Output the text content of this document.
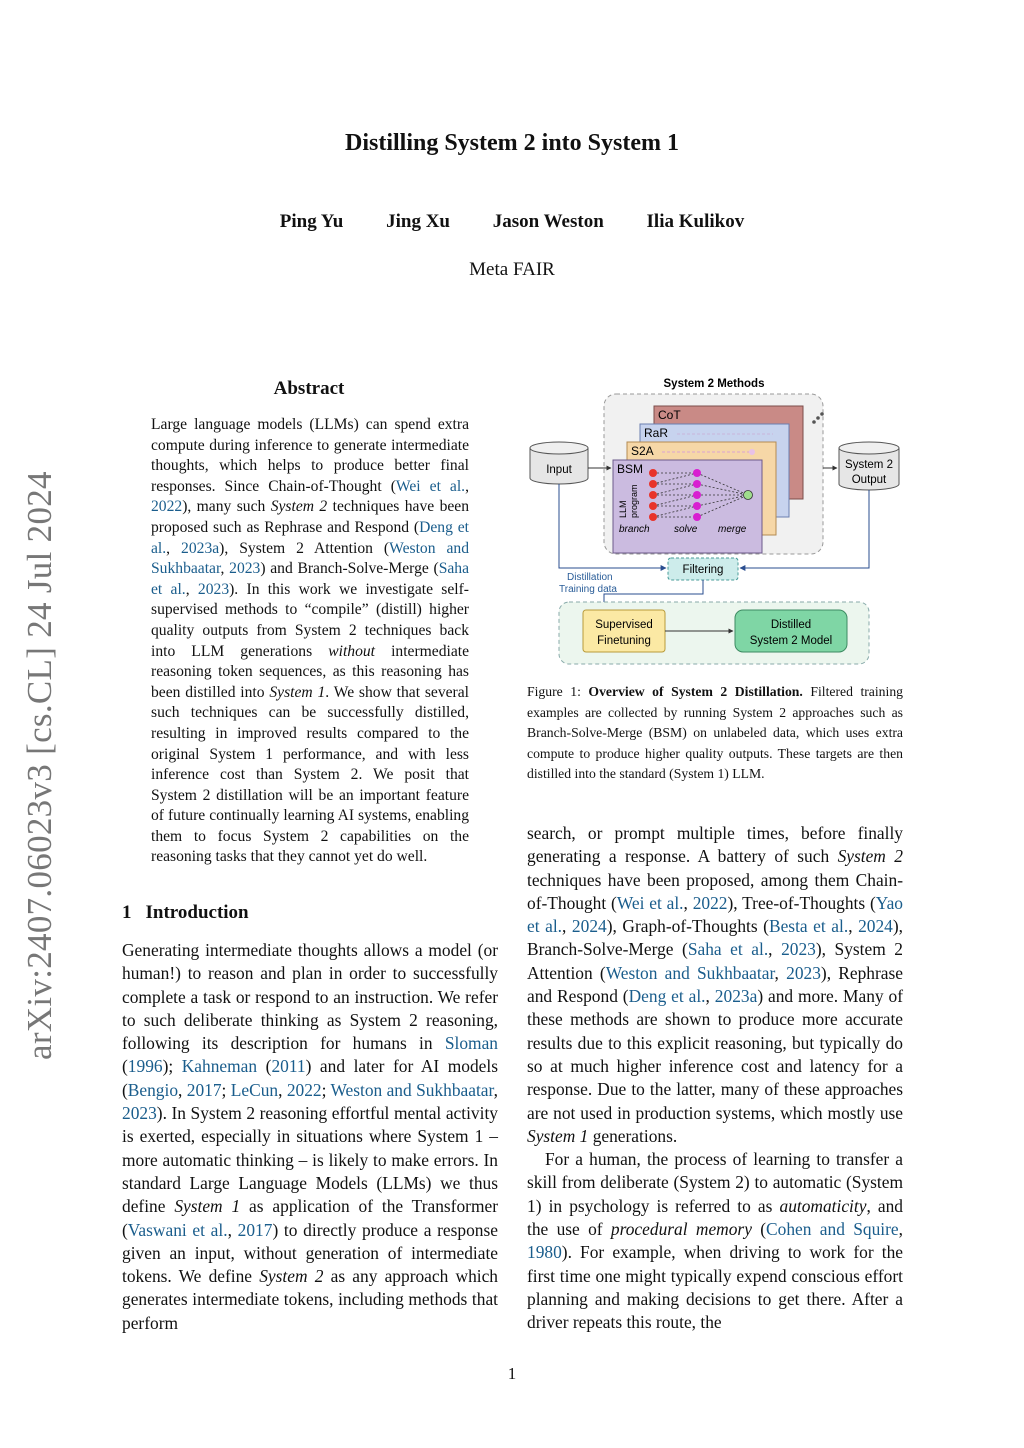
Distilling System 2 into System 1
Ping Yu Jing Xu Jason Weston Ilia Kulikov
Meta FAIR
arXiv:2407.06023v3 [cs.CL] 24 Jul 2024
Abstract
Large language models (LLMs) can spend extra compute during inference to generate intermediate thoughts, which helps to produce better final responses. Since Chain-of-Thought (Wei et al., 2022), many such System 2 techniques have been proposed such as Rephrase and Respond (Deng et al., 2023a), System 2 Attention (Weston and Sukhbaatar, 2023) and Branch-Solve-Merge (Saha et al., 2023). In this work we investigate self-supervised methods to “compile” (distill) higher quality outputs from System 2 techniques back into LLM generations without intermediate reasoning token sequences, as this reasoning has been distilled into System 1. We show that several such techniques can be successfully distilled, resulting in improved results compared to the original System 1 performance, and with less inference cost than System 2. We posit that System 2 distillation will be an important feature of future continually learning AI systems, enabling them to focus System 2 capabilities on the reasoning tasks that they cannot yet do well.
1 Introduction

Generating intermediate thoughts allows a model (or human!) to reason and plan in order to successfully complete a task or respond to an instruction. We refer to such deliberate thinking as System 2 reasoning, following its description for humans in Sloman (1996); Kahneman (2011) and later for AI models (Bengio, 2017; LeCun, 2022; Weston and Sukhbaatar, 2023). In System 2 reasoning effortful mental activity is exerted, especially in situations where System 1 – more automatic thinking – is likely to make errors. In standard Large Language Models (LLMs) we thus define System 1 as application of the Transformer (Vaswani et al., 2017) to directly produce a response given an input, without generation of intermediate tokens. We define System 2 as any approach which generates intermediate tokens, including methods that perform

System 2 Methods
CoT
RaR
S2A
BSM
LLM program
branch solve merge
Input	System 2
Output
Filtering
Distillation
Training data
Supervised
Finetuning
Distilled
System 2 Model
Figure 1: Overview of System 2 Distillation. Filtered training examples are collected by running System 2 approaches such as Branch-Solve-Merge (BSM) on unlabeled data, which uses extra compute to produce higher quality outputs. These targets are then distilled into the standard (System 1) LLM.

search, or prompt multiple times, before finally generating a response. A battery of such System 2 techniques have been proposed, among them Chain-of-Thought (Wei et al., 2022), Tree-of-Thoughts (Yao et al., 2024), Graph-of-Thoughts (Besta et al., 2024), Branch-Solve-Merge (Saha et al., 2023), System 2 Attention (Weston and Sukhbaatar, 2023), Rephrase and Respond (Deng et al., 2023a) and more. Many of these methods are shown to produce more accurate results due to this explicit reasoning, but typically do so at much higher inference cost and latency for a response. Due to the latter, many of these approaches are not used in production systems, which mostly use System 1 generations.

For a human, the process of learning to transfer a skill from deliberate (System 2) to automatic (System 1) in psychology is referred to as automaticity, and the use of procedural memory (Cohen and Squire, 1980). For example, when driving to work for the first time one might typically expend conscious effort planning and making decisions to get there. After a driver repeats this route, the

1
